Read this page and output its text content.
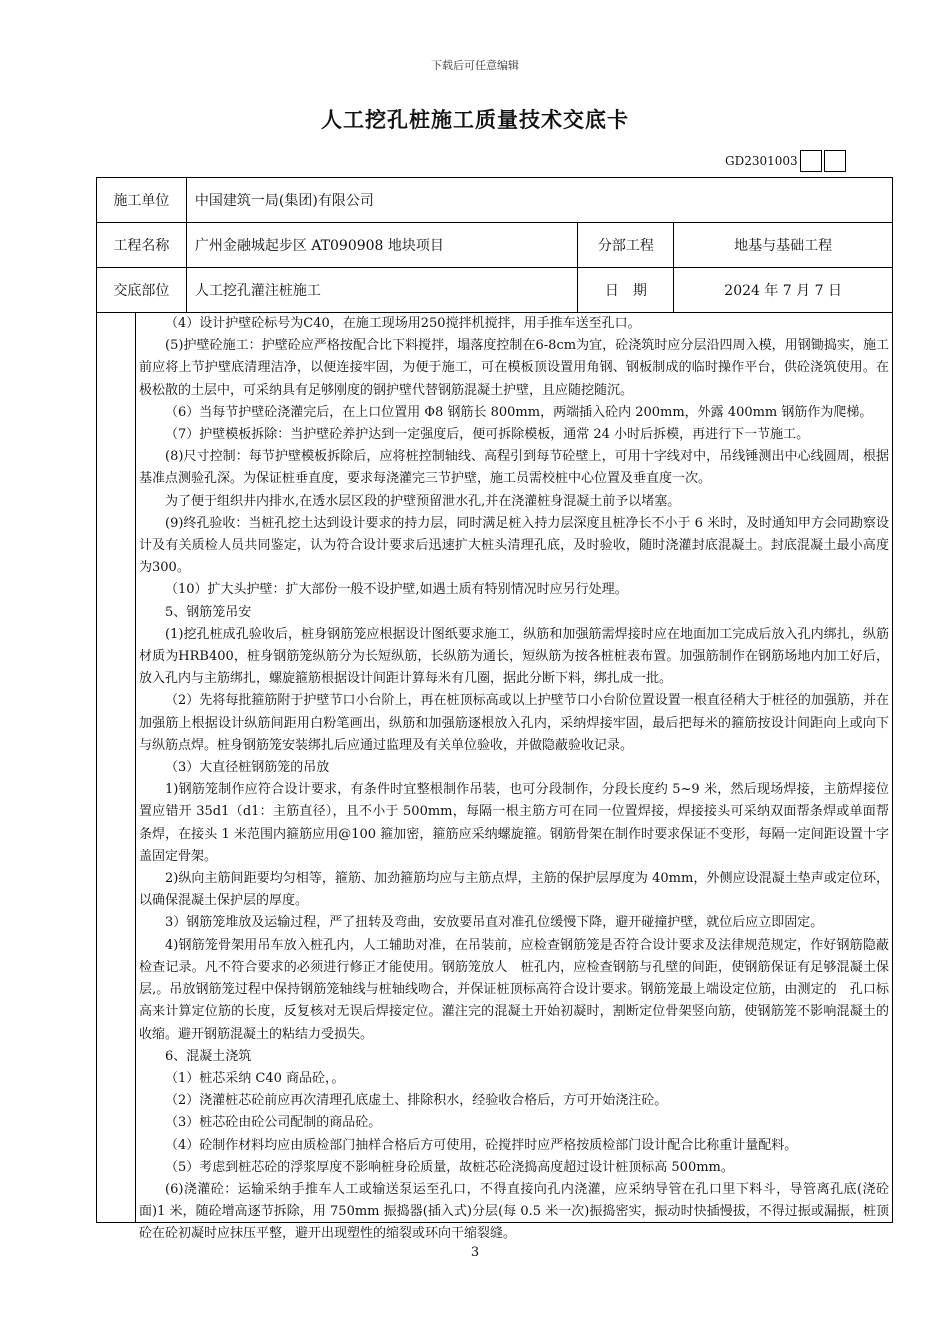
下载后可任意编辑
人工挖孔桩施工质量技术交底卡
GD2301003
施工单位	中国建筑一局(集团)有限公司		
工程名称	广州金融城起步区 AT090908 地块项目	分部工程	地基与基础工程
交底部位	人工挖孔灌注桩施工	日　期	2024 年 7 月 7 日

（4）设计护壁砼标号为C40，在施工现场用250搅拌机搅拌，用手推车送至孔口。

(5)护壁砼施工：护壁砼应严格按配合比下料搅拌，塌落度控制在6-8cm为宜，砼浇筑时应分层沿四周入模，用钢锄捣实，施工前应将上节护壁底清理洁净，以便连接牢固，为便于施工，可在模板顶设置用角钢、钢板制成的临时操作平台，供砼浇筑使用。在极松散的土层中，可采纳具有足够刚度的钢护壁代替钢筋混凝土护壁，且应随挖随沉。

（6）当每节护壁砼浇灌完后，在上口位置用 Φ8 钢筋长 800mm，两端插入砼内 200mm，外露 400mm 钢筋作为爬梯。

（7）护壁模板拆除：当护壁砼养护达到一定强度后，便可拆除模板，通常 24 小时后拆模，再进行下一节施工。

(8)尺寸控制：每节护壁模板拆除后，应将桩控制轴线、高程引到每节砼壁上，可用十字线对中，吊线锤测出中心线圆周，根据基准点测验孔深。为保证桩垂直度，要求每浇灌完三节护壁，施工员需校桩中心位置及垂直度一次。

为了便于组织井内排水,在透水层区段的护壁预留泄水孔,并在浇灌桩身混凝土前予以堵塞。

(9)终孔验收：当桩孔挖土达到设计要求的持力层，同时满足桩入持力层深度且桩净长不小于 6 米时，及时通知甲方会同勘察设计及有关质检人员共同鉴定，认为符合设计要求后迅速扩大桩头清理孔底，及时验收，随时浇灌封底混凝土。封底混凝土最小高度为300。

（10）扩大头护壁：扩大部份一般不设护壁,如遇土质有特别情况时应另行处理。

5、钢筋笼吊安

(1)挖孔桩成孔验收后，桩身钢筋笼应根据设计图纸要求施工，纵筋和加强筋需焊接时应在地面加工完成后放入孔内绑扎，纵筋材质为HRB400，桩身钢筋笼纵筋分为长短纵筋，长纵筋为通长，短纵筋为按各桩桩表布置。加强筋制作在钢筋场地内加工好后，放入孔内与主筋绑扎，螺旋箍筋根据设计间距计算每米有几圈，据此分断下料，绑扎成一批。

（2）先将每批箍筋附于护壁节口小台阶上，再在桩顶标高或以上护壁节口小台阶位置设置一根直径稍大于桩径的加强筋，并在加强筋上根据设计纵筋间距用白粉笔画出，纵筋和加强筋逐根放入孔内，采纳焊接牢固，最后把每米的箍筋按设计间距向上或向下与纵筋点焊。桩身钢筋笼安装绑扎后应通过监理及有关单位验收，并做隐蔽验收记录。

（3）大直径桩钢筋笼的吊放

1)钢筋笼制作应符合设计要求，有条件时宜整根制作吊装，也可分段制作，分段长度约 5~9 米，然后现场焊接，主筋焊接位置应错开 35d1（d1：主筋直径），且不小于 500mm，每隔一根主筋方可在同一位置焊接，焊接接头可采纳双面帮条焊或单面帮条焊，在接头 1 米范围内箍筋应用@100 箍加密，箍筋应采纳螺旋箍。钢筋骨架在制作时要求保证不变形，每隔一定间距设置十字盖固定骨架。

2)纵向主筋间距要均匀相等，箍筋、加劲箍筋均应与主筋点焊，主筋的保护层厚度为 40mm，外侧应设混凝土垫声或定位环，以确保混凝土保护层的厚度。

3）钢筋笼堆放及运输过程，严了扭转及弯曲，安放要吊直对准孔位缓慢下降，避开碰撞护壁，就位后应立即固定。

4)钢筋笼骨架用吊车放入桩孔内，人工辅助对准，在吊装前，应检查钢筋笼是否符合设计要求及法律规范规定，作好钢筋隐蔽检查记录。凡不符合要求的必须进行修正才能使用。钢筋笼放人　桩孔内，应检查钢筋与孔壁的间距，使钢筋保证有足够混凝土保层,。吊放钢筋笼过程中保持钢筋笼轴线与桩轴线吻合，并保证桩顶标高符合设计要求。钢筋笼最上端设定位筋，由测定的　孔口标高来计算定位筋的长度，反复核对无误后焊接定位。灌注完的混凝土开始初凝时，割断定位骨架竖向筋，使钢筋笼不影响混凝土的收缩。避开钢筋混凝土的粘结力受损失。

6、混凝土浇筑

（1）桩芯采纳 C40 商品砼，。

（2）浇灌桩芯砼前应再次清理孔底虚土、排除积水，经验收合格后，方可开始浇注砼。

（3）桩芯砼由砼公司配制的商品砼。

（4）砼制作材料均应由质检部门抽样合格后方可使用，砼搅拌时应严格按质检部门设计配合比称重计量配料。

（5）考虑到桩芯砼的浮浆厚度不影响桩身砼质量，故桩芯砼浇捣高度超过设计桩顶标高 500mm。

(6)浇灌砼：运输采纳手推车人工或输送泵运至孔口，不得直接向孔内浇灌，应采纳导管在孔口里下料斗，导管离孔底(浇砼面)1 米，随砼增高逐节拆除，用 750mm 振捣器(插入式)分层(每 0.5 米一次)振捣密实，振动时快插慢拔，不得过振或漏振，桩顶砼在砼初凝时应抹压平整，避开出现塑性的缩裂或环向干缩裂缝。

3
